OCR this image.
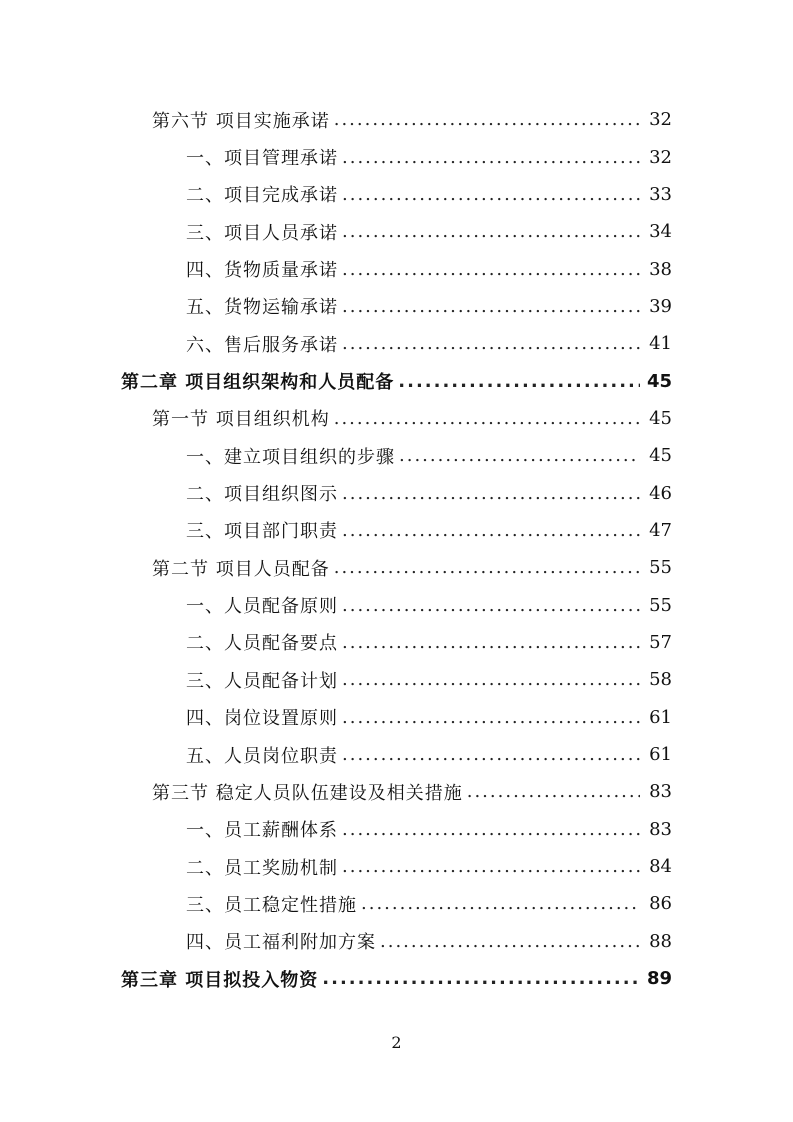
第六节 项目实施承诺 .....	32
一、项目管理承诺 .....	32
二、项目完成承诺 .....	33
三、项目人员承诺 .....	34
四、货物质量承诺 .....	38
五、货物运输承诺 .....	39
六、售后服务承诺 .....	41
第二章 项目组织架构和人员配备 .....	45
第一节 项目组织机构 .....	45
一、建立项目组织的步骤 .....	45
二、项目组织图示 .....	46
三、项目部门职责 .....	47
第二节 项目人员配备 .....	55
一、人员配备原则 .....	55
二、人员配备要点 .....	57
三、人员配备计划 .....	58
四、岗位设置原则 .....	61
五、人员岗位职责 .....	61
第三节 稳定人员队伍建设及相关措施 .....	83
一、员工薪酬体系 .....	83
二、员工奖励机制 .....	84
三、员工稳定性措施 .....	86
四、员工福利附加方案 .....	88
第三章 项目拟投入物资 .....	89
2
